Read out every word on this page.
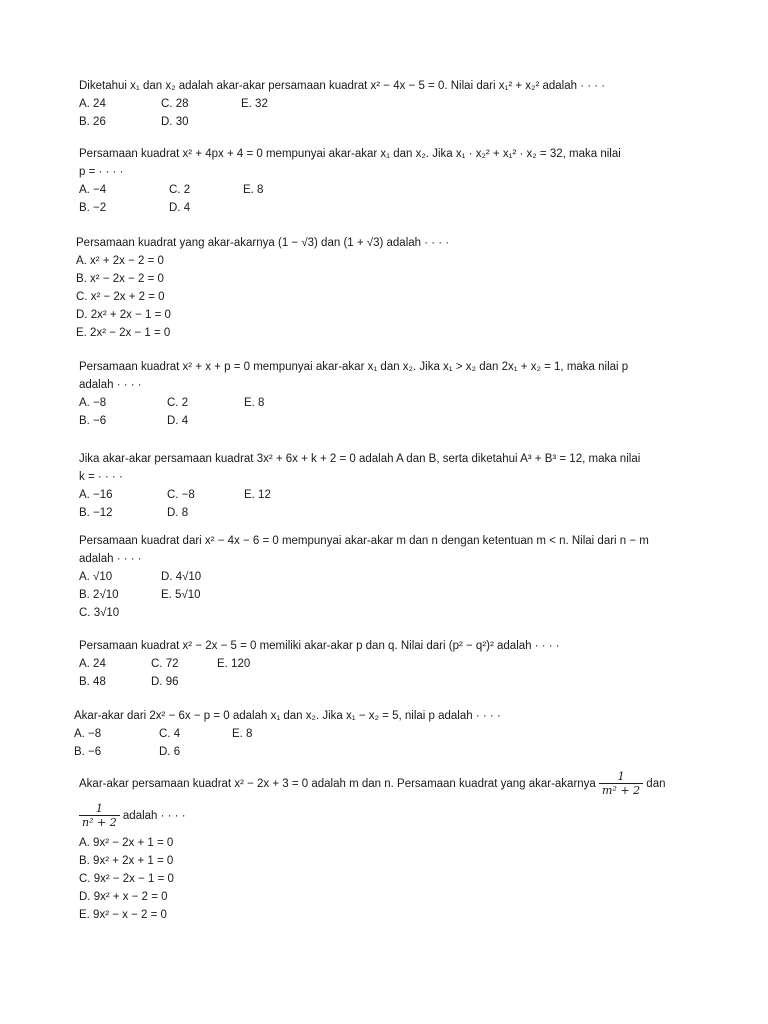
Diketahui x₁ dan x₂ adalah akar-akar persamaan kuadrat x² − 4x − 5 = 0. Nilai dari x₁² + x₂² adalah · · · ·
A. 24	C. 28	E. 32
B. 26	D. 30
Persamaan kuadrat x² + 4px + 4 = 0 mempunyai akar-akar x₁ dan x₂. Jika x₁ · x₂² + x₁² · x₂ = 32, maka nilai
p = · · · ·
A. −4	C. 2	E. 8
B. −2	D. 4
Persamaan kuadrat yang akar-akarnya (1 − √3) dan (1 + √3) adalah · · · ·
A. x² + 2x − 2 = 0
B. x² − 2x − 2 = 0
C. x² − 2x + 2 = 0
D. 2x² + 2x − 1 = 0
E. 2x² − 2x − 1 = 0
Persamaan kuadrat x² + x + p = 0 mempunyai akar-akar x₁ dan x₂. Jika x₁ > x₂ dan 2x₁ + x₂ = 1, maka nilai p
adalah · · · ·
A. −8	C. 2	E. 8
B. −6	D. 4
Jika akar-akar persamaan kuadrat 3x² + 6x + k + 2 = 0 adalah A dan B, serta diketahui A³ + B³ = 12, maka nilai
k = · · · ·
A. −16	C. −8	E. 12
B. −12	D. 8
Persamaan kuadrat dari x² − 4x − 6 = 0 mempunyai akar-akar m dan n dengan ketentuan m < n. Nilai dari n − m
adalah · · · ·
A. √10	D. 4√10
B. 2√10	E. 5√10
C. 3√10
Persamaan kuadrat x² − 2x − 5 = 0 memiliki akar-akar p dan q. Nilai dari (p² − q²)² adalah · · · ·
A. 24	C. 72	E. 120
B. 48	D. 96
Akar-akar dari 2x² − 6x − p = 0 adalah x₁ dan x₂. Jika x₁ − x₂ = 5, nilai p adalah · · · ·
A. −8	C. 4	E. 8
B. −6	D. 6
Akar-akar persamaan kuadrat x² − 2x + 3 = 0 adalah m dan n. Persamaan kuadrat yang akar-akarnya $\frac{1}{\text{m² + 2}}$ dan
$\frac{1}{\text{n² + 2}}$ adalah · · · ·
A. 9x² − 2x + 1 = 0
B. 9x² + 2x + 1 = 0
C. 9x² − 2x − 1 = 0
D. 9x² + x − 2 = 0
E. 9x² − x − 2 = 0
